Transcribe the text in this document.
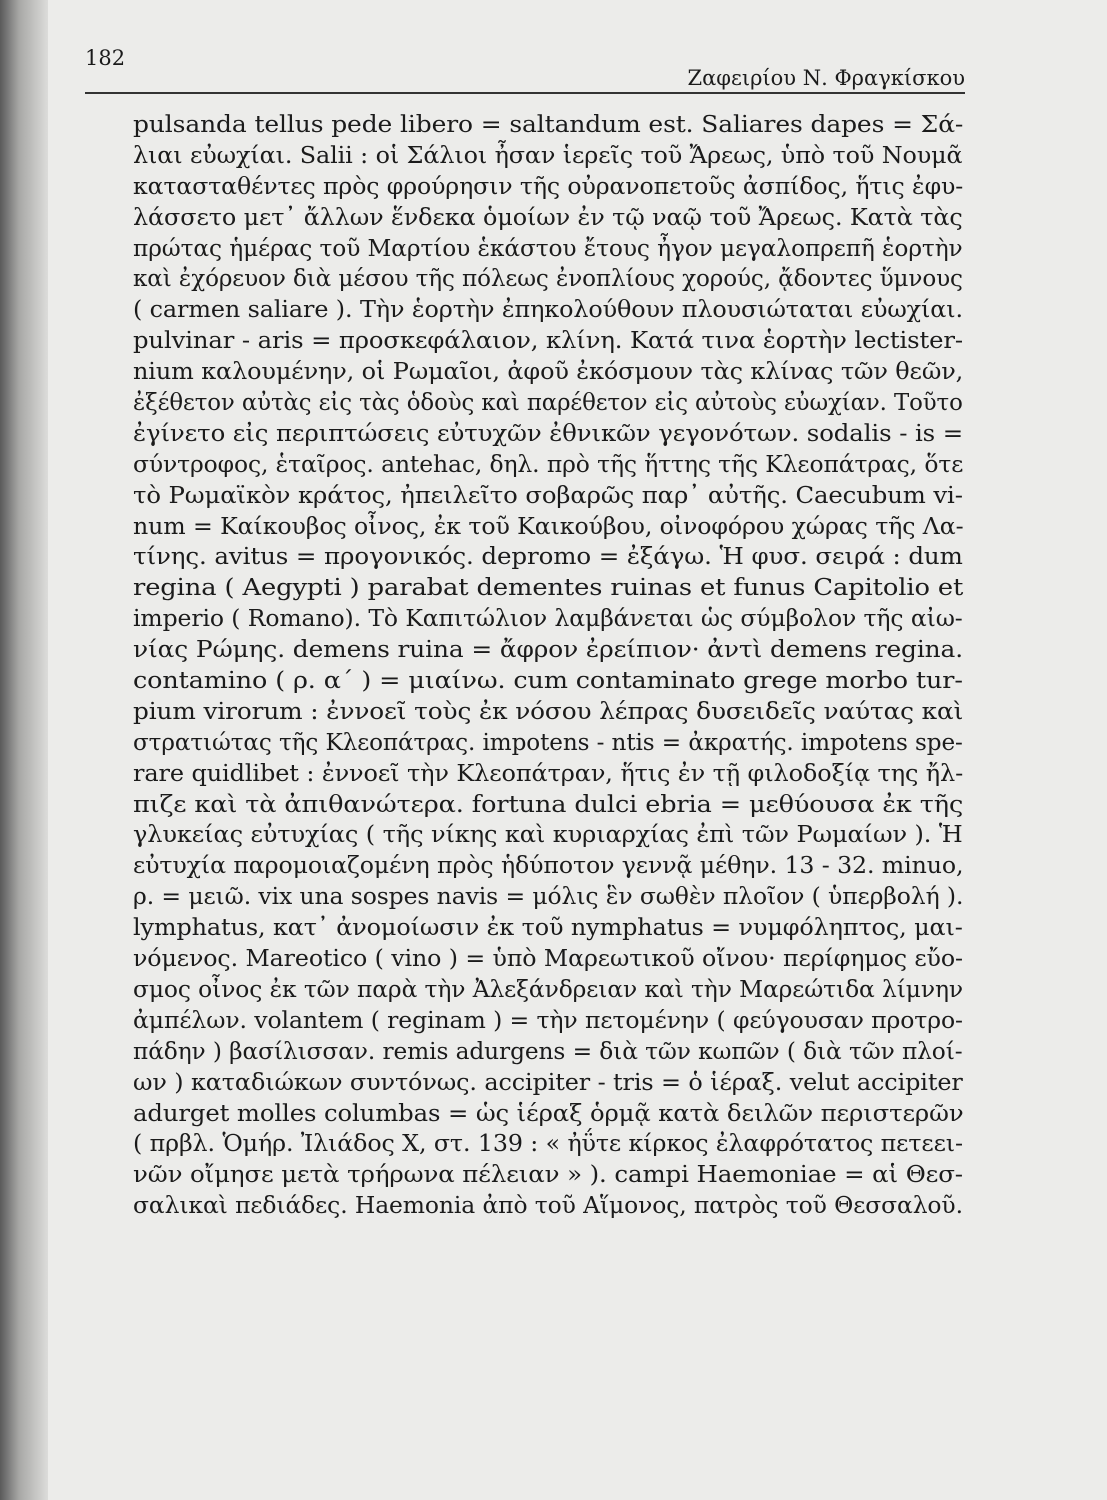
182
Ζαφειρίου Ν. Φραγκίσκου
pulsanda tellus pede libero = saltandum est. Saliares dapes = Σά-
λιαι εὐωχίαι. Salii : οἱ Σάλιοι ἦσαν ἱερεῖς τοῦ Ἄρεως, ὑπὸ τοῦ Νουμᾶ
κατασταθέντες πρὸς φρούρησιν τῆς οὐρανοπετοῦς ἀσπίδος, ἥτις ἐφυ-
λάσσετο μετ᾽ ἄλλων ἕνδεκα ὁμοίων ἐν τῷ ναῷ τοῦ Ἄρεως. Κατὰ τὰς
πρώτας ἡμέρας τοῦ Μαρτίου ἑκάστου ἔτους ἦγον μεγαλοπρεπῆ ἑορτὴν
καὶ ἐχόρευον διὰ μέσου τῆς πόλεως ἐνοπλίους χορούς, ᾄδοντες ὕμνους
( carmen saliare ). Τὴν ἑορτὴν ἐπηκολούθουν πλουσιώταται εὐωχίαι.
pulvinar - aris = προσκεφάλαιον, κλίνη. Κατά τινα ἑορτὴν lectister-
nium καλουμένην, οἱ Ρωμαῖοι, ἀφοῦ ἐκόσμουν τὰς κλίνας τῶν θεῶν,
ἐξέθετον αὐτὰς εἰς τὰς ὁδοὺς καὶ παρέθετον εἰς αὐτοὺς εὐωχίαν. Τοῦτο
ἐγίνετο εἰς περιπτώσεις εὐτυχῶν ἐθνικῶν γεγονότων. sodalis - is =
σύντροφος, ἑταῖρος. antehac, δηλ. πρὸ τῆς ἥττης τῆς Κλεοπάτρας, ὅτε
τὸ Ρωμαϊκὸν κράτος, ἠπειλεῖτο σοβαρῶς παρ᾽ αὐτῆς. Caecubum vi-
num = Καίκουβος οἶνος, ἐκ τοῦ Καικούβου, οἰνοφόρου χώρας τῆς Λα-
τίνης. avitus = προγονικός. depromo = ἐξάγω. Ἡ φυσ. σειρά : dum
regina ( Aegypti ) parabat dementes ruinas et funus Capitolio et
imperio ( Romano). Τὸ Καπιτώλιον λαμβάνεται ὡς σύμβολον τῆς αἰω-
νίας Ρώμης. demens ruina = ἄφρον ἐρείπιον· ἀντὶ demens regina.
contamino ( ρ. α´ ) = μιαίνω. cum contaminato grege morbo tur-
pium virorum : ἐννοεῖ τοὺς ἐκ νόσου λέπρας δυσειδεῖς ναύτας καὶ
στρατιώτας τῆς Κλεοπάτρας. impotens - ntis = ἀκρατής. impotens spe-
rare quidlibet : ἐννοεῖ τὴν Κλεοπάτραν, ἥτις ἐν τῇ φιλοδοξίᾳ της ἤλ-
πιζε καὶ τὰ ἀπιθανώτερα. fortuna dulci ebria = μεθύουσα ἐκ τῆς
γλυκείας εὐτυχίας ( τῆς νίκης καὶ κυριαρχίας ἐπὶ τῶν Ρωμαίων ). Ἡ
εὐτυχία παρομοιαζομένη πρὸς ἡδύποτον γεννᾷ μέθην. 13 - 32. minuo,
ρ. = μειῶ. vix una sospes navis = μόλις ἓν σωθὲν πλοῖον ( ὑπερβολή ).
lymphatus, κατ᾽ ἀνομοίωσιν ἐκ τοῦ nymphatus = νυμφόληπτος, μαι-
νόμενος. Mareotico ( vino ) = ὑπὸ Μαρεωτικοῦ οἴνου· περίφημος εὔο-
σμος οἶνος ἐκ τῶν παρὰ τὴν Ἀλεξάνδρειαν καὶ τὴν Μαρεώτιδα λίμνην
ἀμπέλων. volantem ( reginam ) = τὴν πετομένην ( φεύγουσαν προτρο-
πάδην ) βασίλισσαν. remis adurgens = διὰ τῶν κωπῶν ( διὰ τῶν πλοί-
ων ) καταδιώκων συντόνως. accipiter - tris = ὁ ἱέραξ. velut accipiter
adurget molles columbas = ὡς ἱέραξ ὁρμᾷ κατὰ δειλῶν περιστερῶν
( πρβλ. Ὁμήρ. Ἰλιάδος Χ, στ. 139 : « ἠΰτε κίρκος ἐλαφρότατος πετεει-
νῶν οἴμησε μετὰ τρήρωνα πέλειαν » ). campi Haemoniae = αἱ Θεσ-
σαλικαὶ πεδιάδες. Haemonia ἀπὸ τοῦ Αἵμονος, πατρὸς τοῦ Θεσσαλοῦ.
